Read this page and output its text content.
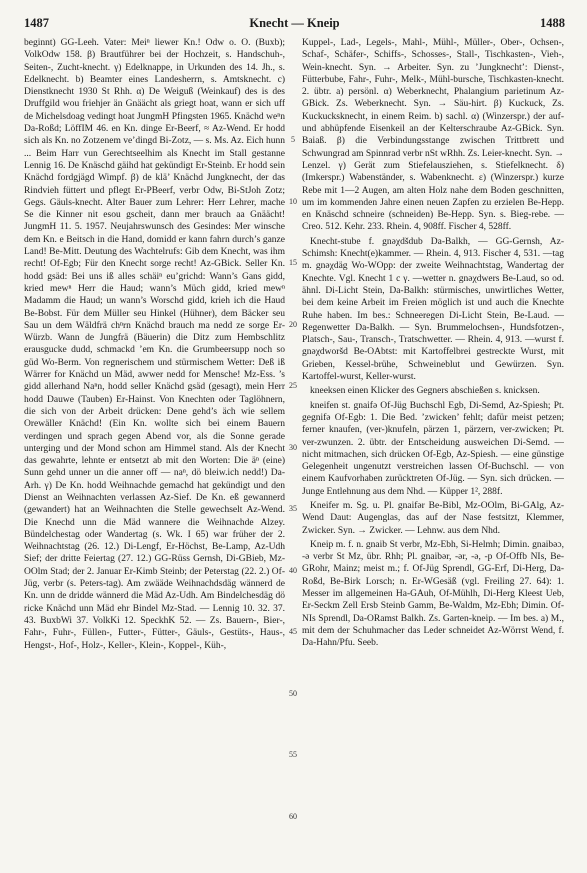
1487	Knecht — Kneip	1488

beginnt) GG-Leeh. Vater: Meiⁿ liewer Kn.! Odw o. O. (Buxb); VolkOdw 158. β) Brautführer bei der Hochzeit, s. Handschuh-, Seiten-, Zucht-knecht. γ) Edelknappe, in Urkunden des 14. Jh., s. Edelknecht. b) Beamter eines Landesherrn, s. Amtsknecht. c) Dienstknecht 1930 St Rhh. α) De Weiguß (Weinkauf) des is des Druffgild wou friehjer än Gnäächt als griegt hoat, wann er sich uff de Michelsdoag vedingt hoat JungmH Pfingsten 1965. Knächd weⁿn Da-Roßd; LöffIM 46. en Kn. dinge Er-Beerf, ≈ Az-Wend. Er hodd sich als Kn. no Zotzenem ve’dingd Bi-Zotz, — s. Ms. Az. Eich hunn ... Beim Harr vun Gerechtseelhim als Knecht im Stall gestanne Lennig 16. De Knäschd gäihd hat gekündigt Er-Steinb. Er hodd sein Knächd fordgjägd Wimpf. β) de klä’ Knächd Jungknecht, der das Rindvieh füttert und pflegt Er-PBeerf, verbr Odw, Bi-StJoh Zotz; Gegs. Gäuls-knecht. Alter Bauer zum Lehrer: Herr Lehrer, mache Se die Kinner nit esou gscheit, dann mer brauch aa Gnäächt! JungmH 11. 5. 1957. Neujahrswunsch des Gesindes: Mer winsche dem Kn. e Beitsch in die Hand, domidd er kann fahrn durch’s ganze Land! Be-Mitt. Deutung des Wachtelrufs: Gib dem Knecht, was ihm recht! Of-Egb; Für den Knecht sorge recht! Az-GBick. Seller Kn. hodd gsäd: Bei uns iß alles schäiⁿ eu’grichd: Wann’s Gans gidd, kried mewⁿ Herr die Haud; wann’s Müch gidd, kried mewⁿ Madamm die Haud; un wann’s Worschd gidd, krieh ich die Haud Be-Bobst. Für dem Müller seu Hinkel (Hühner), dem Bäcker seu Sau un dem Wäldfrä chⁿrn Knächd brauch ma nedd ze sorge Er-Würzb. Wann de Jungfrä (Bäuerin) die Ditz zum Hembschlitz erausgucke dudd, schmackd ’em Kn. die Grumbeersupp noch so güd Wo-Berm. Von regnerischem und stürmischem Wetter: Deß iß Wärrer for Knächd un Mäd, awwer nedd for Mensche! Mz-Ess. ’s gidd allerhand Naⁿn, hodd seller Knächd gsäd (gesagt), mein Herr hodd Dauwe (Tauben) Er-Hainst. Von Knechten oder Taglöhnern, die sich von der Arbeit drücken: Dene gehd’s äch wie sellem Orewäller Knächd! (Ein Kn. wollte sich bei einem Bauern verdingen und sprach gegen Abend vor, als die Sonne gerade unterging und der Mond schon am Himmel stand. Als der Knecht das gewahrte, lehnte er entsetzt ab mit den Worten: Die äⁿ (eine) Sunn gehd unner un die anner off — naⁿ, dö bleiw.ich nedd!) Da-Arh. γ) De Kn. hodd Weihnachde gemachd hat gekündigt und den Dienst an Weihnachten verlassen Az-Sief. De Kn. eß gewannerd (gewandert) hat an Weihnachten die Stelle gewechselt Az-Wend. Die Knechd unn die Mäd wannere die Weihnachde Alzey. Bündelchestag oder Wandertag (s. Wk. I 65) war früher der 2. Weihnachtstag (26. 12.) Di-Lengf, Er-Höchst, Be-Lamp, Az-Udh Sief; der dritte Feiertag (27. 12.) GG-Rüss Gernsh, Di-GBieb, Mz-OOlm Stad; der 2. Januar Er-Kimb Steinb; der Peterstag (22. 2.) Of-Jüg, verbr (s. Peters-tag). Am zwääde Weihnachdsdäg wännerd de Kn. unn de dridde wännerd die Mäd Az-Udh. Am Bindelchesdäg dö ricke Knächd unn Mäd ehr Bindel Mz-Stad. — Lennig 10. 32. 37. 43. BuxbWi 37. VolkKi 12. SpeckhK 52. — Zs. Bauern-, Bier-, Fahr-, Fuhr-, Füllen-, Futter-, Fütter-, Gäuls-, Gestüts-, Haus-, Hengst-, Hof-, Holz-, Keller-, Klein-, Koppel-, Küh-,

5
10
15
20
25
30
35
40
45
50
55
60

Kuppel-, Lad-, Legels-, Mahl-, Mühl-, Müller-, Ober-, Ochsen-, Schaf-, Schäfer-, Schiffs-, Schosses-, Stall-, Tischkasten-, Vieh-, Wein-knecht. Syn. → Arbeiter. Syn. zu ’Jungknecht’: Dienst-, Fütterbube, Fahr-, Fuhr-, Melk-, Mühl-bursche, Tischkasten-knecht. 2. übtr. a) persönl. α) Weberknecht, Phalangium parietinum Az-GBick. Zs. Weberknecht. Syn. → Säu-hirt. β) Kuckuck, Zs. Kuckucksknecht, in einem Reim. b) sachl. α) (Winzerspr.) der auf- und abhüpfende Eisenkeil an der Kelterschraube Az-GBick. Syn. Baiaß. β) die Verbindungsstange zwischen Trittbrett und Schwungrad am Spinnrad verbr nSt wRhh. Zs. Leier-knecht. Syn. → Lenzel. γ) Gerät zum Stiefelausziehen, s. Stiefelknecht. δ) (Imkerspr.) Wabenständer, s. Wabenknecht. ε) (Winzerspr.) kurze Rebe mit 1—2 Augen, am alten Holz nahe dem Boden geschnitten, um im kommenden Jahre einen neuen Zapfen zu erzielen Be-Hepp. en Knäschd schneire (schneiden) Be-Hepp. Syn. s. Bieg-rebe. — Creo. 512. Kehr. 233. Rhein. 4, 908ff. Fischer 4, 528ff.

Knecht-stube f. gnəχdšdub Da-Balkh, — GG-Gernsh, Az-Schimsh: Knecht(e)kammer. — Rhein. 4, 913. Fischer 4, 531. —tag m. gnəχdäg Wo-WOpp: der zweite Weihnachtstag, Wandertag der Knechte. Vgl. Knecht 1 c γ. —wetter n. gnəχdwers Be-Laud, so od. ähnl. Di-Licht Stein, Da-Balkh: stürmisches, unwirtliches Wetter, bei dem keine Arbeit im Freien möglich ist und auch die Knechte Ruhe haben. Im bes.: Schneeregen Di-Licht Stein, Be-Laud. — Regenwetter Da-Balkh. — Syn. Brummelochsen-, Hundsfotzen-, Platsch-, Sau-, Transch-, Tratschwetter. — Rhein. 4, 913. —wurst f. gnəχdworšd Be-OAbtst: mit Kartoffelbrei gestreckte Wurst, mit Grieben, Kessel-brühe, Schweineblut und Gewürzen. Syn. Kartoffel-wurst, Keller-wurst.

kneeksen einen Klicker des Gegners abschießen s. knicksen.

kneifen st. gnaifə Of-Jüg Buchschl Egb, Di-Semd, Az-Spiesh; Pt. gegnifə Of-Egb: 1. Die Bed. ’zwicken’ fehlt; dafür meist petzen; ferner knaufen, (ver-)knufeln, pärzen 1, pärzern, ver-zwicken; Pt. ver-zwunzen. 2. übtr. der Entscheidung ausweichen Di-Semd. — nicht mitmachen, sich drücken Of-Egb, Az-Spiesh. — eine günstige Gelegenheit ungenutzt verstreichen lassen Of-Buchschl. — von einem Kaufvorhaben zurücktreten Of-Jüg. — Syn. sich drücken. — Junge Entlehnung aus dem Nhd. — Küpper 1², 288f.

Kneifer m. Sg. u. Pl. gnaifər Be-Bibl, Mz-OOlm, Bi-GAlg, Az-Wend Daut: Augenglas, das auf der Nase festsitzt, Klemmer, Zwicker. Syn. → Zwicker. — Lehnw. aus dem Nhd.

Kneip m. f. n. gnaib St verbr, Mz-Ebh, Si-Helmh; Dimin. gnaibəɔ, -ə verbr St Mz, übr. Rhh; Pl. gnaibər, -ər, -ə, -p Of-Offb NIs, Be-GRohr, Mainz; meist m.; f. Of-Jüg Sprendl, GG-Erf, Di-Herg, Da-Roßd, Be-Birk Lorsch; n. Er-WGesäß (vgl. Freiling 27. 64): 1. Messer im allgemeinen Ha-GAuh, Of-Mühlh, Di-Herg Kleest Ueb, Er-Seckm Zell Ersb Steinb Gamm, Be-Waldm, Mz-Ebh; Dimin. Of-NIs Sprendl, Da-ORamst Balkh. Zs. Garten-kneip. — Im bes. a) M., mit dem der Schuhmacher das Leder schneidet Az-Wörrst Wend, f. Da-Hahn/Pfu. Seeb.
